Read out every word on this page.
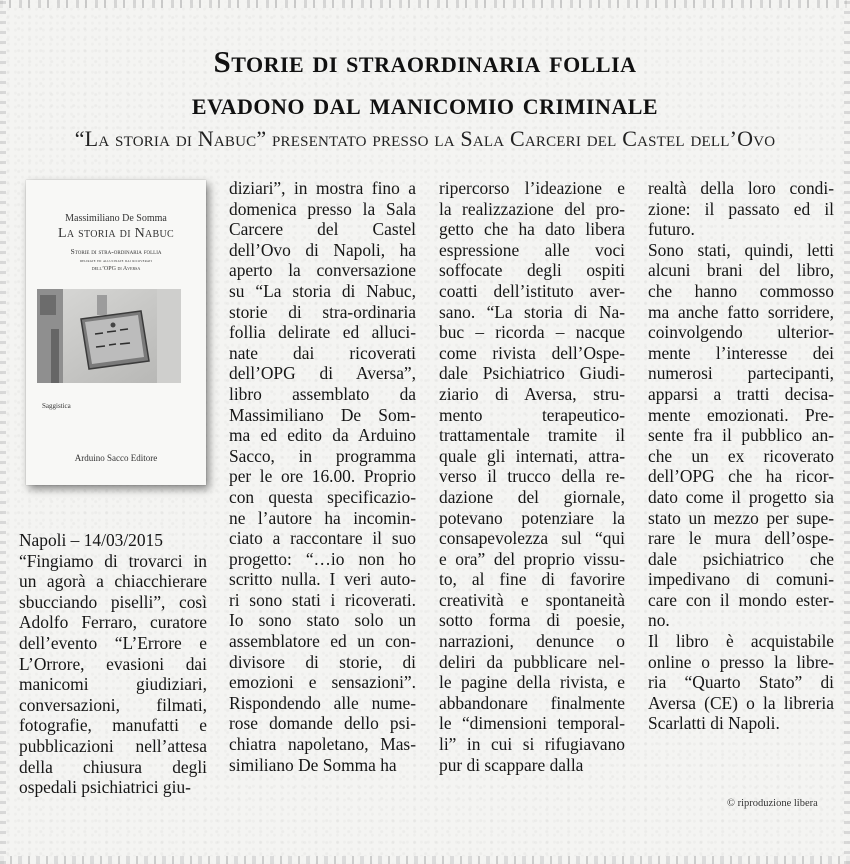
Storie di straordinaria follia
evadono dal manicomio criminale
“La storia di Nabuc” presentato presso la Sala Carceri del Castel dell’Ovo
Massimiliano De Somma
La storia di Nabuc
Storie di stra-ordinaria follia
delirate ed allucinate dai ricoverati
dell’OPG di Aversa
Saggistica
Arduino Sacco Editore
Napoli – 14/03/2015
“Fingiamo di trovarci in
un agorà a chiacchierare
sbucciando piselli”, così
Adolfo Ferraro, curatore
dell’evento “L’Errore e
L’Orrore, evasioni dai
manicomi giudiziari,
conversazioni, filmati,
fotografie, manufatti e
pubblicazioni nell’attesa
della chiusura degli
ospedali psichiatrici giu-
diziari”, in mostra fino a
domenica presso la Sala
Carcere del Castel
dell’Ovo di Napoli, ha
aperto la conversazione
su “La storia di Nabuc,
storie di stra-ordinaria
follia delirate ed alluci-
nate dai ricoverati
dell’OPG di Aversa”,
libro assemblato da
Massimiliano De Som-
ma ed edito da Arduino
Sacco, in programma
per le ore 16.00. Proprio
con questa specificazio-
ne l’autore ha incomin-
ciato a raccontare il suo
progetto: “…io non ho
scritto nulla. I veri auto-
ri sono stati i ricoverati.
Io sono stato solo un
assemblatore ed un con-
divisore di storie, di
emozioni e sensazioni”.
Rispondendo alle nume-
rose domande dello psi-
chiatra napoletano, Mas-
similiano De Somma ha
ripercorso l’ideazione e
la realizzazione del pro-
getto che ha dato libera
espressione alle voci
soffocate degli ospiti
coatti dell’istituto aver-
sano. “La storia di Na-
buc – ricorda – nacque
come rivista dell’Ospe-
dale Psichiatrico Giudi-
ziario di Aversa, stru-
mento terapeutico-
trattamentale tramite il
quale gli internati, attra-
verso il trucco della re-
dazione del giornale,
potevano potenziare la
consapevolezza sul “qui
e ora” del proprio vissu-
to, al fine di favorire
creatività e spontaneità
sotto forma di poesie,
narrazioni, denunce o
deliri da pubblicare nel-
le pagine della rivista, e
abbandonare finalmente
le “dimensioni temporal-
li” in cui si rifugiavano
pur di scappare dalla
realtà della loro condi-
zione: il passato ed il
futuro.
Sono stati, quindi, letti
alcuni brani del libro,
che hanno commosso
ma anche fatto sorridere,
coinvolgendo ulterior-
mente l’interesse dei
numerosi partecipanti,
apparsi a tratti decisa-
mente emozionati. Pre-
sente fra il pubblico an-
che un ex ricoverato
dell’OPG che ha ricor-
dato come il progetto sia
stato un mezzo per supe-
rare le mura dell’ospe-
dale psichiatrico che
impedivano di comuni-
care con il mondo ester-
no.
Il libro è acquistabile
online o presso la libre-
ria “Quarto Stato” di
Aversa (CE) o la libreria
Scarlatti di Napoli.
© riproduzione libera
